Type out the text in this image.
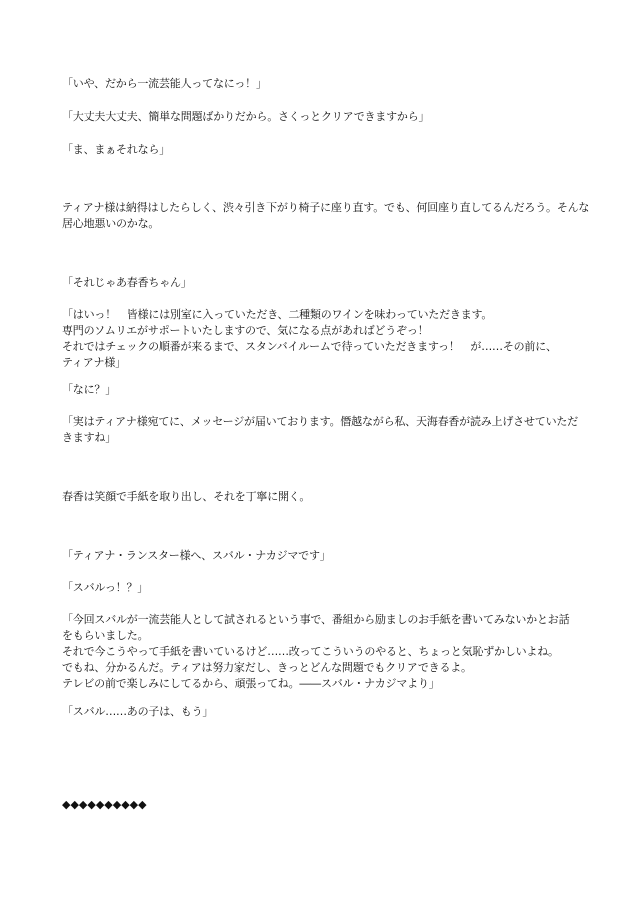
「いや、だから一流芸能人ってなにっ！」
「大丈夫大丈夫、簡単な問題ばかりだから。さくっとクリアできますから」
「ま、まぁそれなら」
ティアナ様は納得はしたらしく、渋々引き下がり椅子に座り直す。でも、何回座り直してるんだろう。そんな
居心地悪いのかな。
「それじゃあ春香ちゃん」
「はいっ！　皆様には別室に入っていただき、二種類のワインを味わっていただきます。
専門のソムリエがサポートいたしますので、気になる点があればどうぞっ！
それではチェックの順番が来るまで、スタンバイルームで待っていただきますっ！　が……その前に、
ティアナ様」
「なに？」
「実はティアナ様宛てに、メッセージが届いております。僭越ながら私、天海春香が読み上げさせていただ
きますね」
春香は笑顔で手紙を取り出し、それを丁寧に開く。
「ティアナ・ランスター様へ、スバル・ナカジマです」
「スバルっ！？」
「今回スバルが一流芸能人として試されるという事で、番組から励ましのお手紙を書いてみないかとお話
をもらいました。
それで今こうやって手紙を書いているけど……改ってこういうのやると、ちょっと気恥ずかしいよね。
でもね、分かるんだ。ティアは努力家だし、きっとどんな問題でもクリアできるよ。
テレビの前で楽しみにしてるから、頑張ってね。――スバル・ナカジマより」
「スバル……あの子は、もう」
◆◆◆◆◆◆◆◆◆◆
